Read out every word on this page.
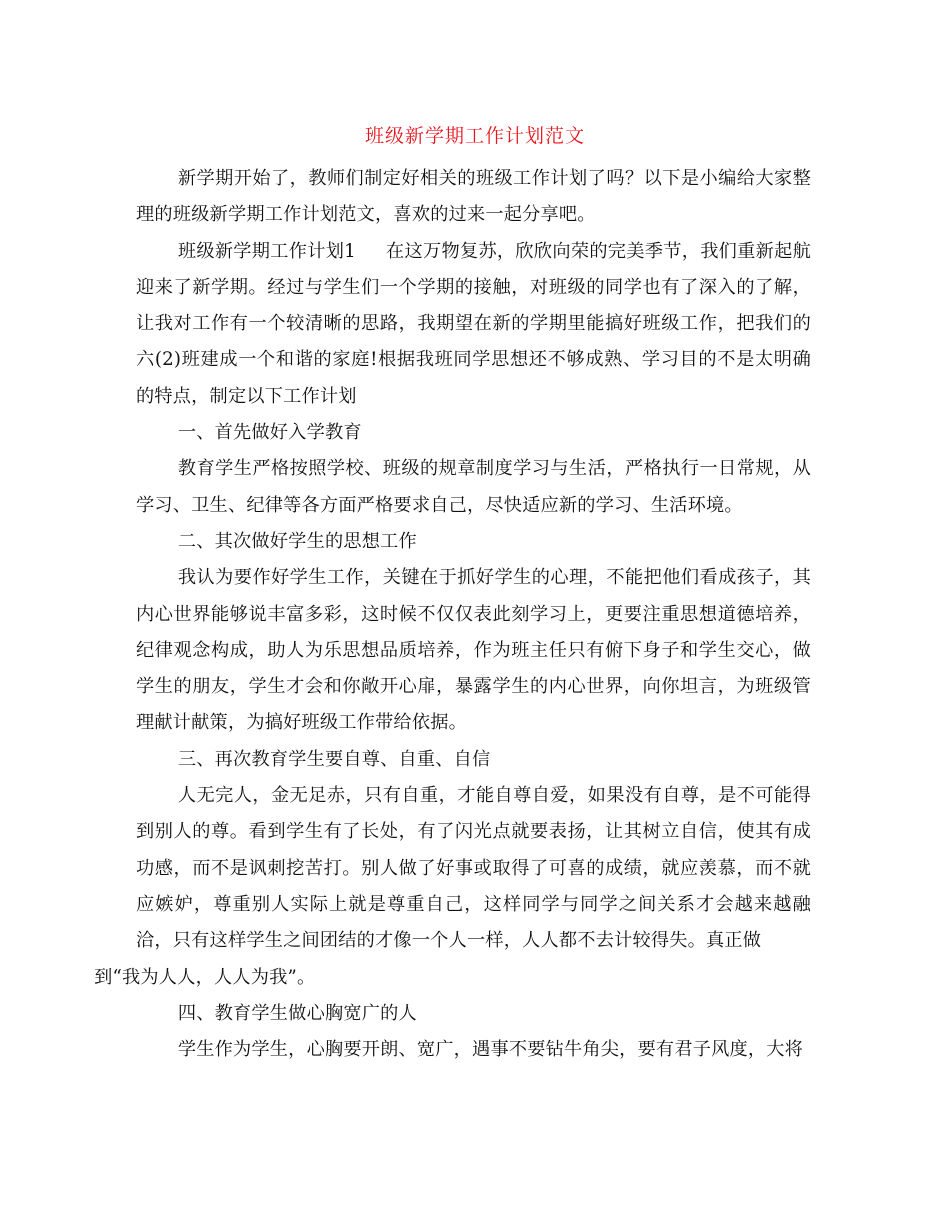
班级新学期工作计划范文

新学期开始了，教师们制定好相关的班级工作计划了吗？以下是小编给大家整理的班级新学期工作计划范文，喜欢的过来一起分享吧。

班级新学期工作计划1 在这万物复苏，欣欣向荣的完美季节，我们重新起航迎来了新学期。经过与学生们一个学期的接触，对班级的同学也有了深入的了解，让我对工作有一个较清晰的思路，我期望在新的学期里能搞好班级工作，把我们的六(2)班建成一个和谐的家庭!根据我班同学思想还不够成熟、学习目的不是太明确的特点，制定以下工作计划

一、首先做好入学教育

教育学生严格按照学校、班级的规章制度学习与生活，严格执行一日常规，从学习、卫生、纪律等各方面严格要求自己，尽快适应新的学习、生活环境。

二、其次做好学生的思想工作

我认为要作好学生工作，关键在于抓好学生的心理，不能把他们看成孩子，其内心世界能够说丰富多彩，这时候不仅仅表此刻学习上，更要注重思想道德培养，纪律观念构成，助人为乐思想品质培养，作为班主任只有俯下身子和学生交心，做学生的朋友，学生才会和你敞开心扉，暴露学生的内心世界，向你坦言，为班级管理献计献策，为搞好班级工作带给依据。

三、再次教育学生要自尊、自重、自信

人无完人，金无足赤，只有自重，才能自尊自爱，如果没有自尊，是不可能得到别人的尊。看到学生有了长处，有了闪光点就要表扬，让其树立自信，使其有成功感，而不是讽刺挖苦打。别人做了好事或取得了可喜的成绩，就应羡慕，而不就应嫉妒，尊重别人实际上就是尊重自己，这样同学与同学之间关系才会越来越融洽，只有这样学生之间团结的才像一个人一样，人人都不去计较得失。真正做
到“我为人人，人人为我”。

四、教育学生做心胸宽广的人

学生作为学生，心胸要开朗、宽广，遇事不要钻牛角尖，要有君子风度，大将
